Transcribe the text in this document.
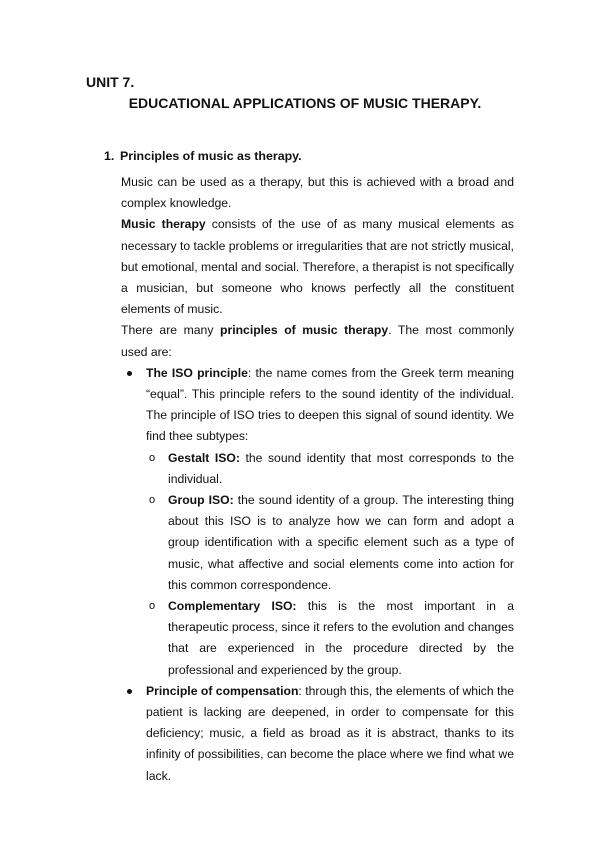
UNIT 7.
EDUCATIONAL APPLICATIONS OF MUSIC THERAPY.
1. Principles of music as therapy.

Music can be used as a therapy, but this is achieved with a broad and complex knowledge.

Music therapy consists of the use of as many musical elements as necessary to tackle problems or irregularities that are not strictly musical, but emotional, mental and social. Therefore, a therapist is not specifically a musician, but someone who knows perfectly all the constituent elements of music.

There are many principles of music therapy. The most commonly used are:

The ISO principle: the name comes from the Greek term meaning “equal”. This principle refers to the sound identity of the individual. The principle of ISO tries to deepen this signal of sound identity. We find thee subtypes:
o Gestalt ISO: the sound identity that most corresponds to the individual.
o Group ISO: the sound identity of a group. The interesting thing about this ISO is to analyze how we can form and adopt a group identification with a specific element such as a type of music, what affective and social elements come into action for this common correspondence.
o Complementary ISO: this is the most important in a therapeutic process, since it refers to the evolution and changes that are experienced in the procedure directed by the professional and experienced by the group.
Principle of compensation: through this, the elements of which the patient is lacking are deepened, in order to compensate for this deficiency; music, a field as broad as it is abstract, thanks to its infinity of possibilities, can become the place where we find what we lack.
